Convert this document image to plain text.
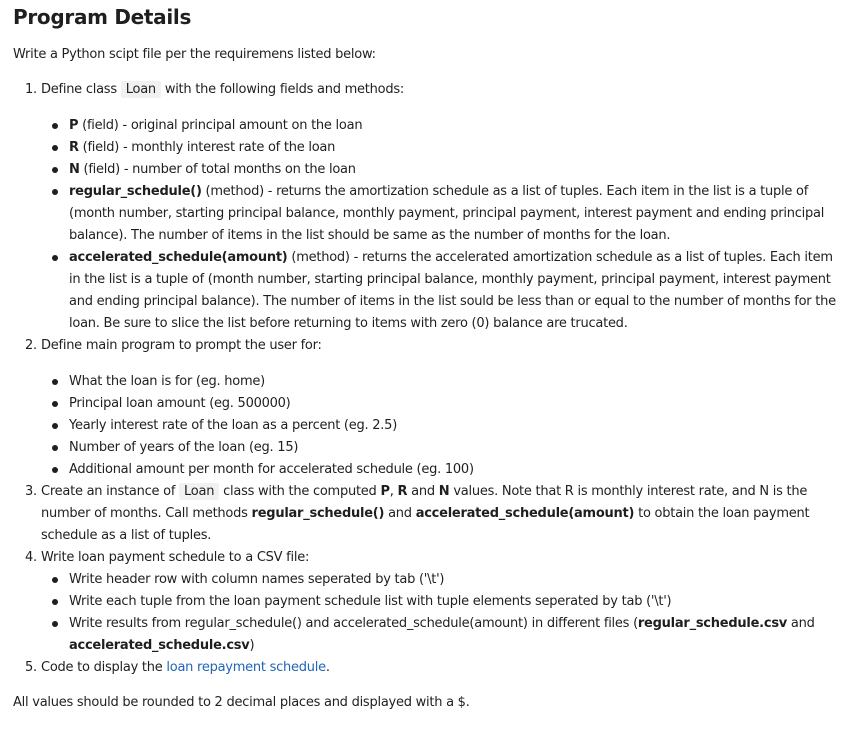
Program Details

Write a Python scipt file per the requiremens listed below:

1. Define class Loan with the following fields and methods:
P (field) - original principal amount on the loan
R (field) - monthly interest rate of the loan
N (field) - number of total months on the loan
regular_schedule() (method) - returns the amortization schedule as a list of tuples. Each item in the list is a tuple of (month number, starting principal balance, monthly payment, principal payment, interest payment and ending principal balance). The number of items in the list should be same as the number of months for the loan.
accelerated_schedule(amount) (method) - returns the accelerated amortization schedule as a list of tuples. Each item in the list is a tuple of (month number, starting principal balance, monthly payment, principal payment, interest payment and ending principal balance). The number of items in the list sould be less than or equal to the number of months for the loan. Be sure to slice the list before returning to items with zero (0) balance are trucated.
2. Define main program to prompt the user for:
What the loan is for (eg. home)
Principal loan amount (eg. 500000)
Yearly interest rate of the loan as a percent (eg. 2.5)
Number of years of the loan (eg. 15)
Additional amount per month for accelerated schedule (eg. 100)
3. Create an instance of Loan class with the computed P, R and N values. Note that R is monthly interest rate, and N is the number of months. Call methods regular_schedule() and accelerated_schedule(amount) to obtain the loan payment schedule as a list of tuples.
4. Write loan payment schedule to a CSV file:
Write header row with column names seperated by tab ('\t')
Write each tuple from the loan payment schedule list with tuple elements seperated by tab ('\t')
Write results from regular_schedule() and accelerated_schedule(amount) in different files (regular_schedule.csv and accelerated_schedule.csv)
5. Code to display the loan repayment schedule.

All values should be rounded to 2 decimal places and displayed with a $.
